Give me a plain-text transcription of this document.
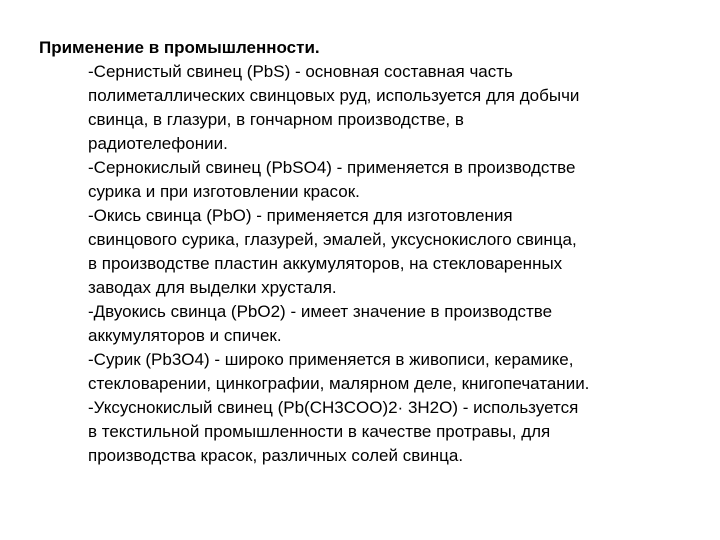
Применение в промышленности.
-Сернистый свинец (PbS) - основная составная часть
полиметаллических свинцовых руд, используется для добычи
свинца, в глазури, в гончарном производстве, в
радиотелефонии.
-Сернокислый свинец (PbSO4) - применяется в производстве
сурика и при изготовлении красок.
-Окись свинца (PbO) - применяется для изготовления
свинцового сурика, глазурей, эмалей, уксуснокислого свинца,
в производстве пластин аккумуляторов, на стекловаренных
заводах для выделки хрусталя.
-Двуокись свинца (PbO2) - имеет значение в производстве
аккумуляторов и спичек.
-Сурик (Pb3O4) - широко применяется в живописи, керамике,
стекловарении, цинкографии, малярном деле, книгопечатании.
-Уксуснокислый свинец (Pb(CH3COO)2· 3H2O) - используется
в текстильной промышленности в качестве протравы, для
производства красок, различных солей свинца.
